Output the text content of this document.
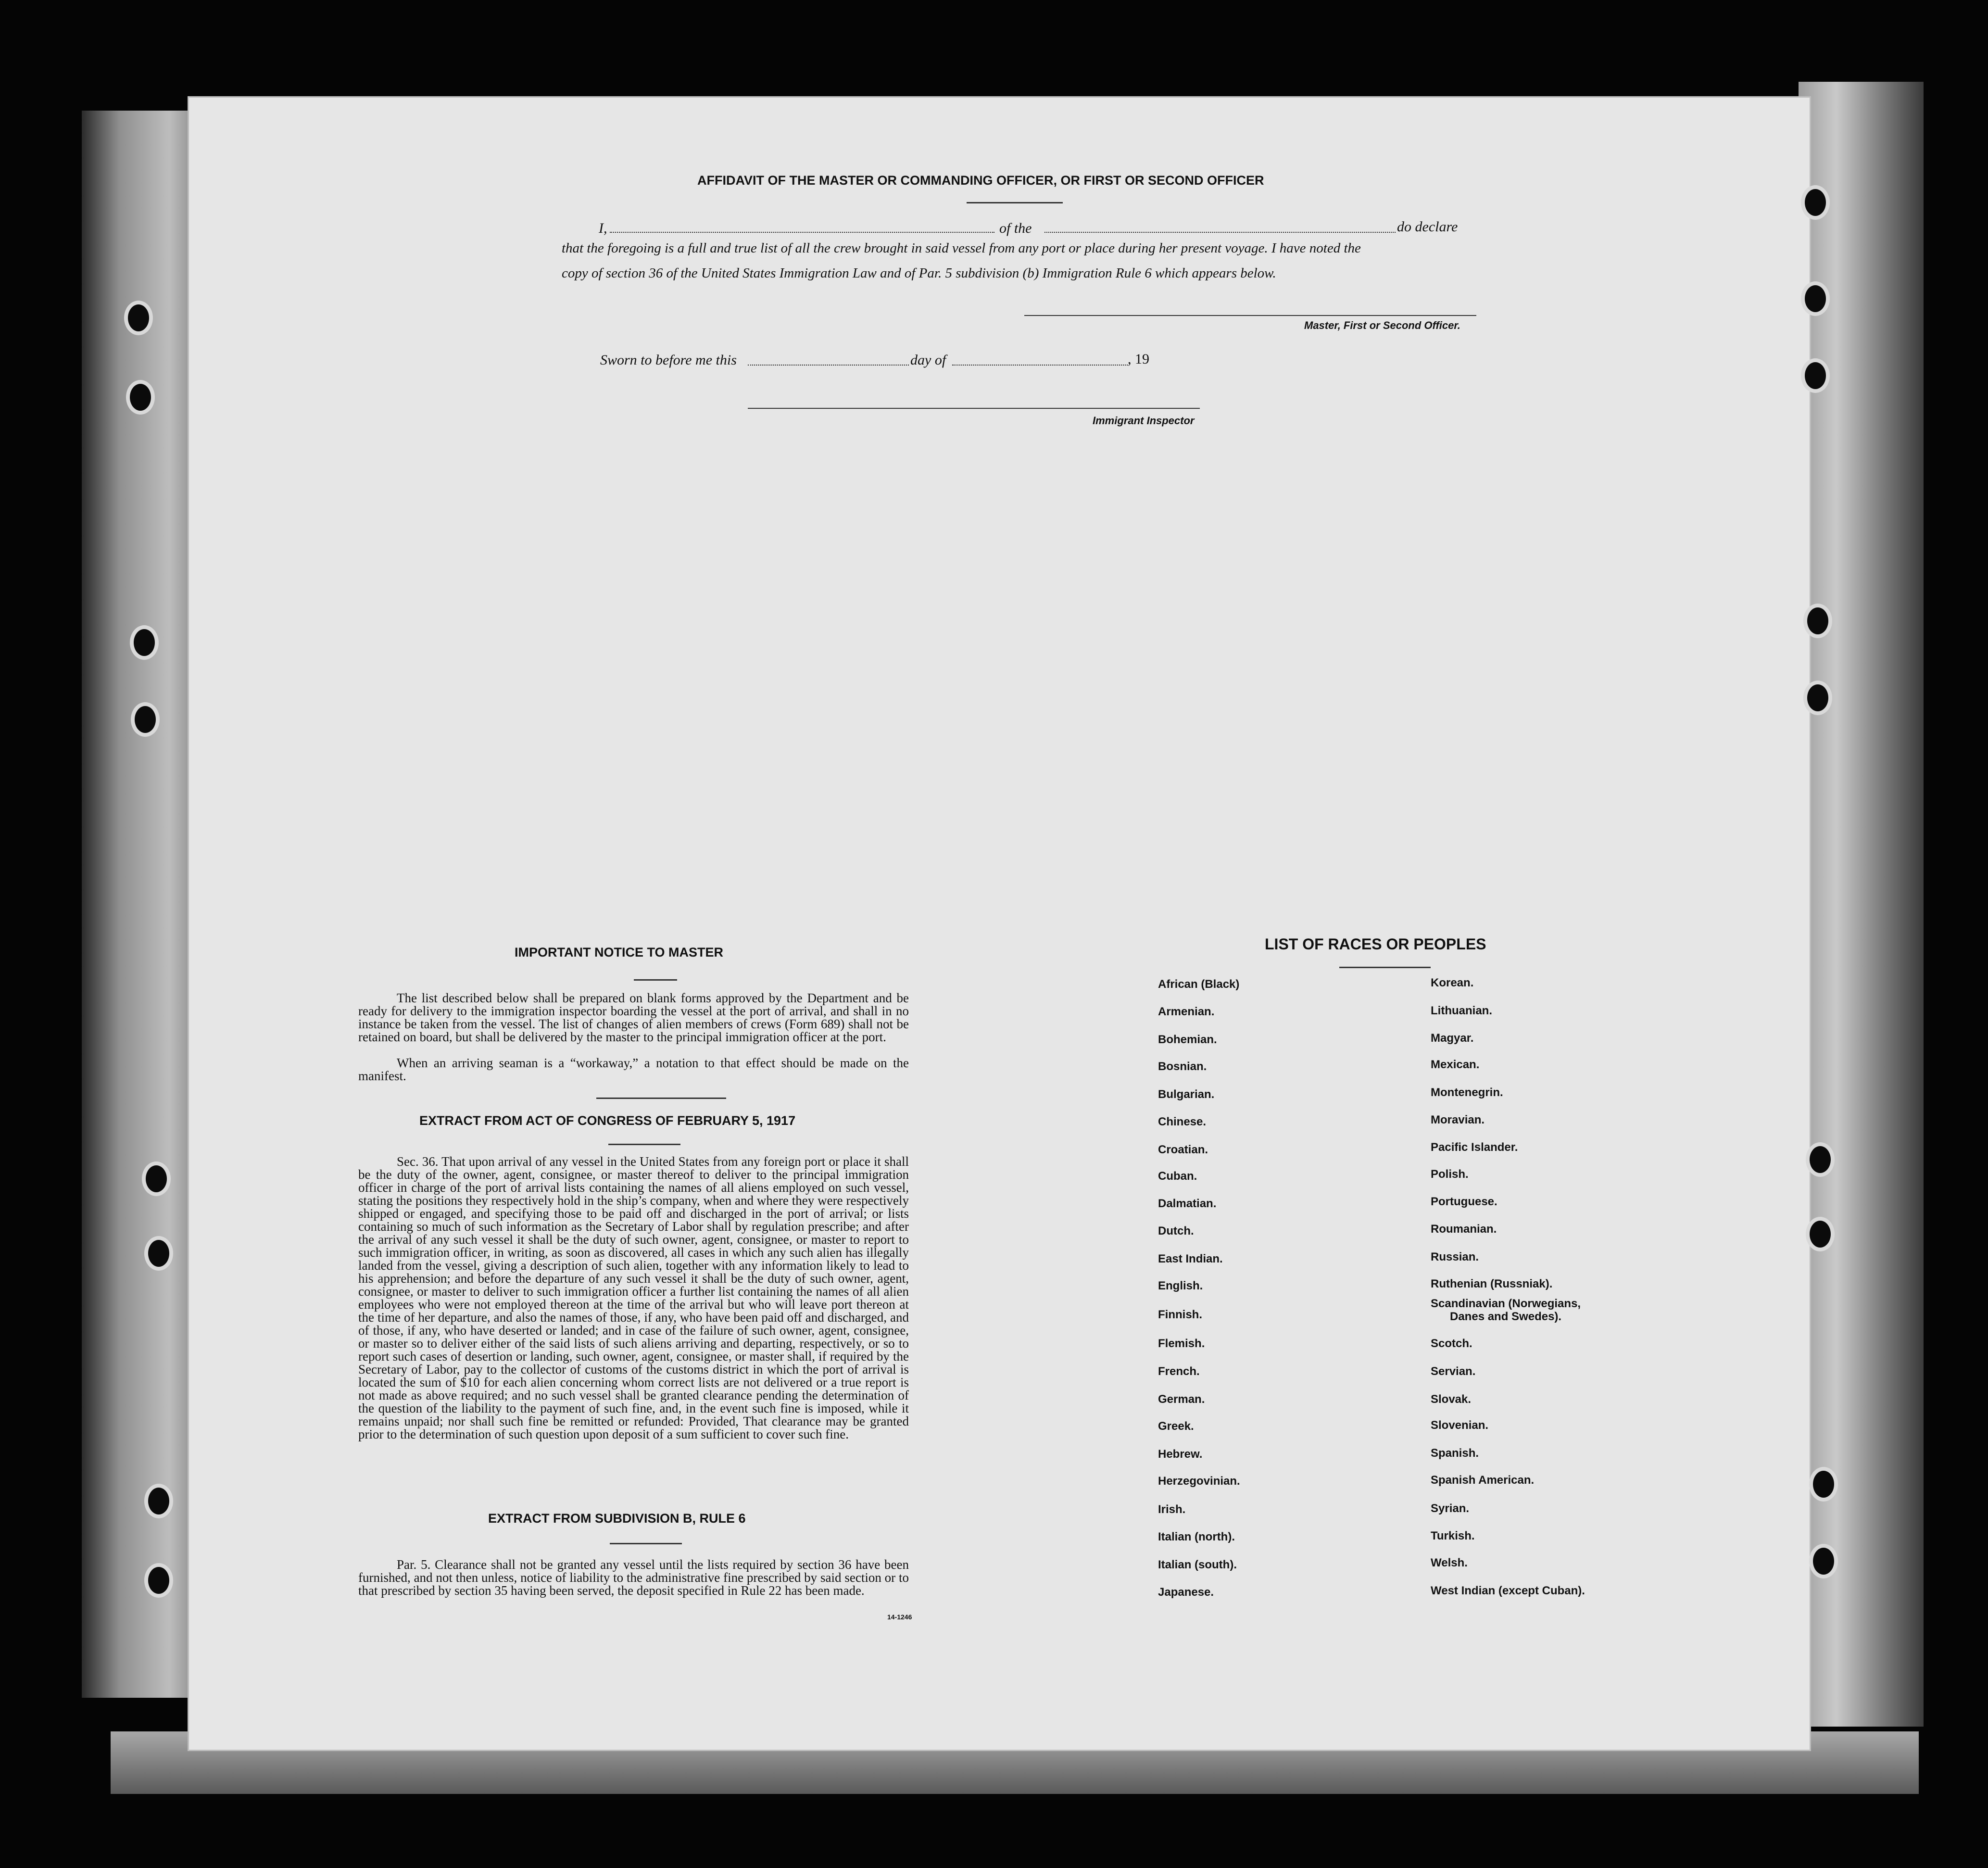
AFFIDAVIT OF THE MASTER OR COMMANDING OFFICER, OR FIRST OR SECOND OFFICER
I,	of the	do declare
that the foregoing is a full and true list of all the crew brought in said vessel from any port or place during her present voyage. I have noted the
copy of section 36 of the United States Immigration Law and of Par. 5 subdivision (b) Immigration Rule 6 which appears below.
Master, First or Second Officer.
Sworn to before me this	day of	, 19
Immigrant Inspector
IMPORTANT NOTICE TO MASTER
The list described below shall be prepared on blank forms approved by the Department and be ready for delivery to the immigration inspector boarding the vessel at the port of arrival, and shall in no instance be taken from the vessel. The list of changes of alien members of crews (Form 689) shall not be retained on board, but shall be delivered by the master to the principal immigration officer at the port.
When an arriving seaman is a “workaway,” a notation to that effect should be made on the manifest.
EXTRACT FROM ACT OF CONGRESS OF FEBRUARY 5, 1917
Sec. 36. That upon arrival of any vessel in the United States from any foreign port or place it shall be the duty of the owner, agent, consignee, or master thereof to deliver to the principal immigration officer in charge of the port of arrival lists containing the names of all aliens employed on such vessel, stating the positions they respectively hold in the ship’s company, when and where they were respectively shipped or engaged, and specifying those to be paid off and discharged in the port of arrival; or lists containing so much of such information as the Secretary of Labor shall by regulation prescribe; and after the arrival of any such vessel it shall be the duty of such owner, agent, consignee, or master to report to such immigration officer, in writing, as soon as discovered, all cases in which any such alien has illegally landed from the vessel, giving a description of such alien, together with any information likely to lead to his apprehension; and before the departure of any such vessel it shall be the duty of such owner, agent, consignee, or master to deliver to such immigration officer a further list containing the names of all alien employees who were not employed thereon at the time of the arrival but who will leave port thereon at the time of her departure, and also the names of those, if any, who have been paid off and discharged, and of those, if any, who have deserted or landed; and in case of the failure of such owner, agent, consignee, or master so to deliver either of the said lists of such aliens arriving and departing, respectively, or so to report such cases of desertion or landing, such owner, agent, consignee, or master shall, if required by the Secretary of Labor, pay to the collector of customs of the customs district in which the port of arrival is located the sum of $10 for each alien concerning whom correct lists are not delivered or a true report is not made as above required; and no such vessel shall be granted clearance pending the determination of the question of the liability to the payment of such fine, and, in the event such fine is imposed, while it remains unpaid; nor shall such fine be remitted or refunded: Provided, That clearance may be granted prior to the determination of such question upon deposit of a sum sufficient to cover such fine.
EXTRACT FROM SUBDIVISION B, RULE 6
Par. 5. Clearance shall not be granted any vessel until the lists required by section 36 have been furnished, and not then unless, notice of liability to the administrative fine prescribed by said section or to that prescribed by section 35 having been served, the deposit specified in Rule 22 has been made.
14-1246
LIST OF RACES OR PEOPLES
African (Black)
Armenian.
Bohemian.
Bosnian.
Bulgarian.
Chinese.
Croatian.
Cuban.
Dalmatian.
Dutch.
East Indian.
English.
Finnish.
Flemish.
French.
German.
Greek.
Hebrew.
Herzegovinian.
Irish.
Italian (north).
Italian (south).
Japanese.
Korean.
Lithuanian.
Magyar.
Mexican.
Montenegrin.
Moravian.
Pacific Islander.
Polish.
Portuguese.
Roumanian.
Russian.
Ruthenian (Russniak).
Scandinavian (Norwegians,
Danes and Swedes).
Scotch.
Servian.
Slovak.
Slovenian.
Spanish.
Spanish American.
Syrian.
Turkish.
Welsh.
West Indian (except Cuban).
